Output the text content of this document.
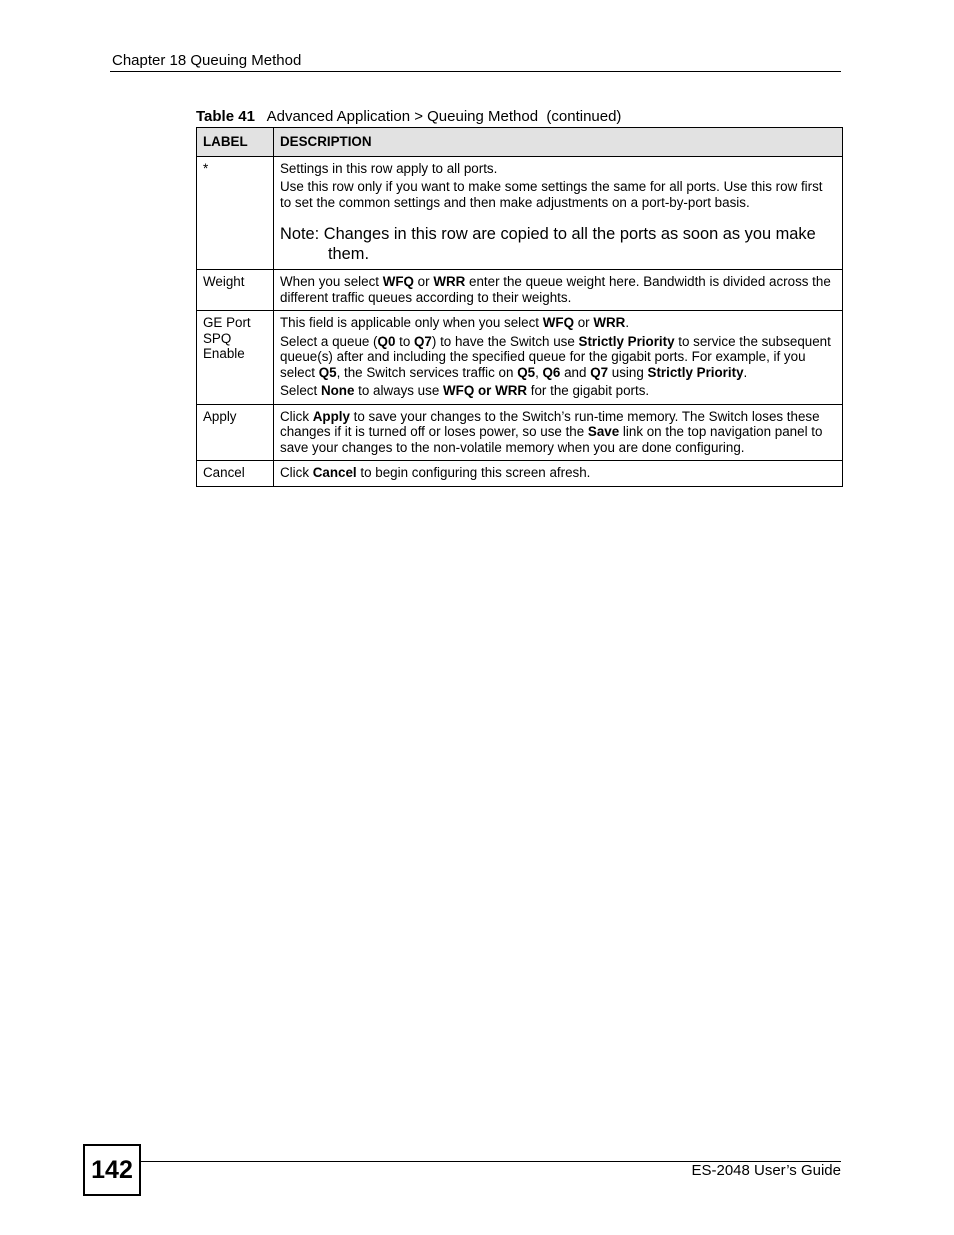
Chapter 18 Queuing Method
Table 41 Advanced Application > Queuing Method  (continued)
LABEL	DESCRIPTION
*	Settings in this row apply to all ports.

Use this row only if you want to make some settings the same for all ports. Use this row first to set the common settings and then make adjustments on a port-by-port basis.

Note: Changes in this row are copied to all the ports as soon as you make them.

Weight	When you select WFQ or WRR enter the queue weight here. Bandwidth is divided across the different traffic queues according to their weights.

GE Port SPQ Enable	This field is applicable only when you select WFQ or WRR.

Select a queue (Q0 to Q7) to have the Switch use Strictly Priority to service the subsequent queue(s) after and including the specified queue for the gigabit ports. For example, if you select Q5, the Switch services traffic on Q5, Q6 and Q7 using Strictly Priority.

Select None to always use WFQ or WRR for the gigabit ports.

Apply	Click Apply to save your changes to the Switch’s run-time memory. The Switch loses these changes if it is turned off or loses power, so use the Save link on the top navigation panel to save your changes to the non-volatile memory when you are done configuring.

Cancel	Click Cancel to begin configuring this screen afresh.

142	ES-2048 User’s Guide
